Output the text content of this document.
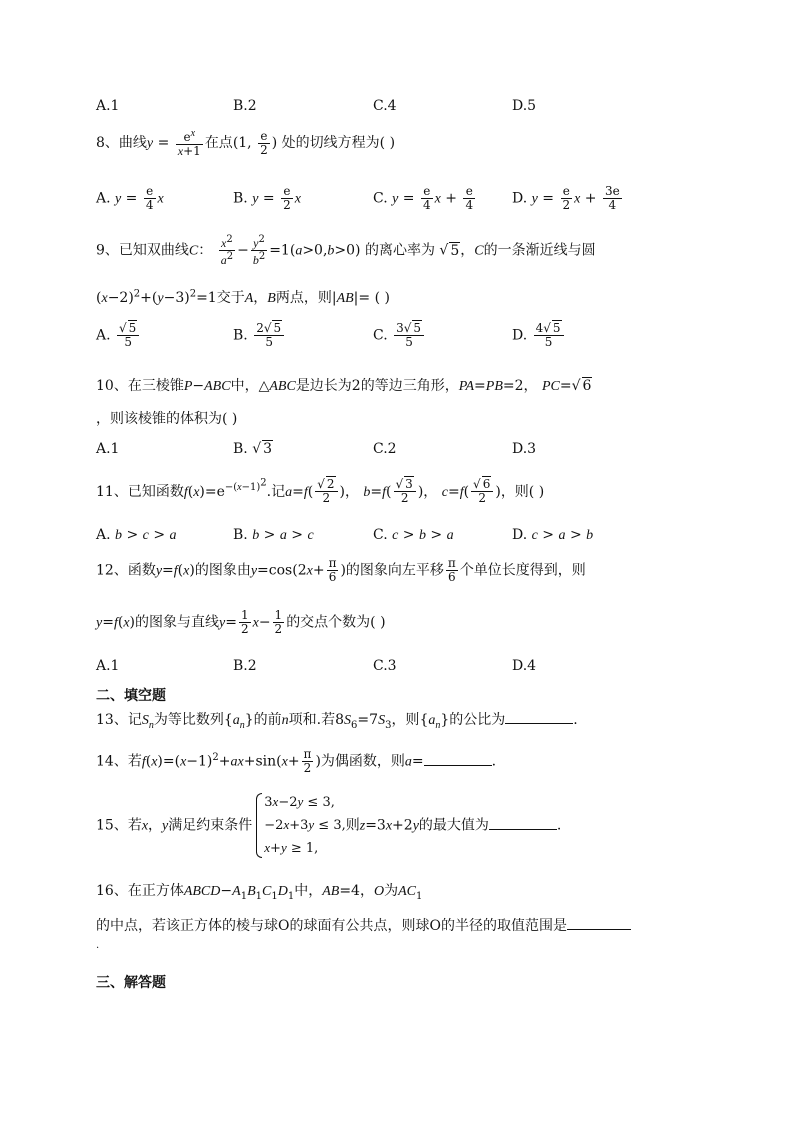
A.1	B.2	C.4	D.5
8、曲线$y = \frac{e^x}{x+1}$ 在点(1, $\frac{e}{2}$ ) 处的切线方程为( )
A. $y = \frac{e}{4}$ x	B. $y = \frac{e}{2}$ x	C. $y = \frac{e}{4}$ $x + \frac{e}{4}$	D. $y = \frac{e}{2}$ $x + \frac{3e}{4}$
9、已知双曲线C： $\frac{x^2}{a^2} - \frac{y^2}{b^2} =1(a>0,b>0)$ 的离心率为 √ 5，C的一条渐近线与圆
$(x-2)^2+(y-3)^2=1$交于A，B两点，则|AB|= ( )
A. $\frac{√ 5}{5}$	B. $\frac{2√ 5}{5}$	C. $\frac{3√ 5}{5}$	D. $\frac{4√ 5}{5}$
10、在三棱锥P−ABC中，△ABC是边长为2的等边三角形，PA=PB=2， PC=√ 6
，则该棱锥的体积为( )
A.1	B. √ 3	C.2	D.3
11、已知函数$f(x)=e^{-(x-1)^2}$.记$a=f( \frac{√ 2}{2}$ )， $b=f( \frac{√ 3}{2}$ )， $c=f( \frac{√ 6}{2}$ )，则( )
A. b > c > a	B. b > a > c	C. c > b > a	D. c > a > b
12、函数y=f(x)的图象由$y=\cos(2x+ \frac{\pi}{6}$ )的图象向左平移 $\frac{\pi}{6}$ 个单位长度得到，则
y=f(x)的图象与直线$y= \frac{1}{2} x- \frac{1}{2}$ 的交点个数为( )
A.1	B.2	C.3	D.4
二、填空题
13、记$S_n$为等比数列$\{a_n\}$的前n项和.若$8S_6=7S_3$，则$\{a_n\}$的公比为	.
14、若$f(x)=(x-1)^2+ax+\sin(x+ \frac{\pi}{2}$ )为偶函数，则a=	.
15、若x，y满足约束条件3x−2y ≤ 3,
−2x+3y ≤ 3,
x+y ≥ 1,则z=3x+2y的最大值为	.
16、在正方体$ABCD-A_1B_1C_1D_1$中，AB=4，O为$AC_1$
的中点，若该正方体的棱与球O的球面有公共点，则球O的半径的取值范围是
.
三、解答题
